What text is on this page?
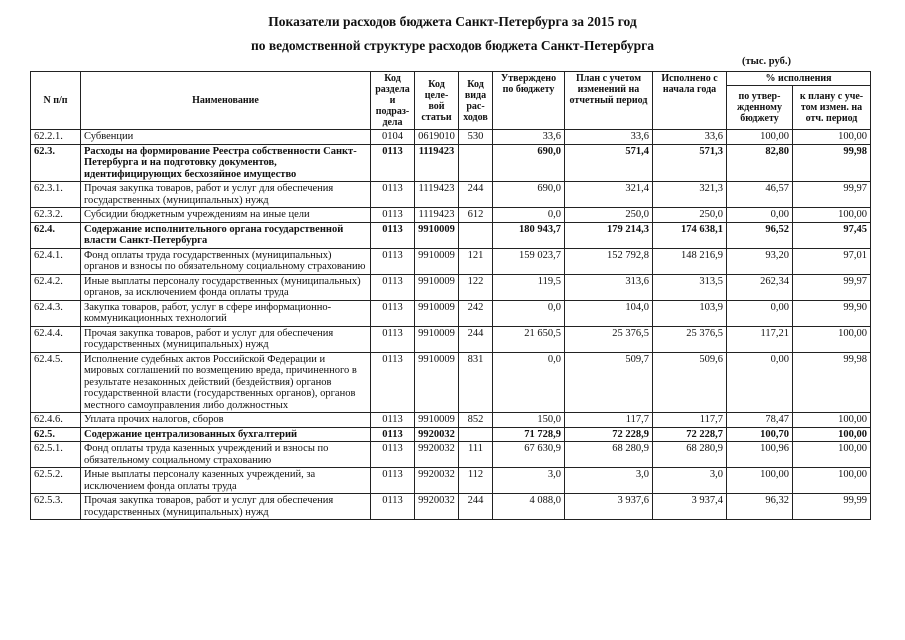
Показатели расходов бюджета Санкт-Петербурга за 2015 год
по ведомственной структуре расходов бюджета Санкт-Петербурга
(тыс. руб.)
N п/п	Наименование	Код раздела и подраз-дела	Код целе-вой статьи	Код вида рас-ходов	Утверждено по бюджету	План с учетом изменений на отчетный период	Исполнено с начала года	% исполнения	
								по утвер-жденному бюджету	к плану с уче-том измен. на отч. период
62.2.1.	Субвенции	0104	0619010	530	33,6	33,6	33,6	100,00	100,00
62.3.	Расходы на формирование Реестра собственности Санкт-Петербурга и на подготовку документов, идентифицирующих бесхозяйное имущество	0113	1119423		690,0	571,4	571,3	82,80	99,98
62.3.1.	Прочая закупка товаров, работ и услуг для обеспечения государственных (муниципальных) нужд	0113	1119423	244	690,0	321,4	321,3	46,57	99,97
62.3.2.	Субсидии бюджетным учреждениям на иные цели	0113	1119423	612	0,0	250,0	250,0	0,00	100,00
62.4.	Содержание исполнительного органа государственной власти Санкт-Петербурга	0113	9910009		180 943,7	179 214,3	174 638,1	96,52	97,45
62.4.1.	Фонд оплаты труда государственных (муниципальных) органов и взносы по обязательному социальному страхованию	0113	9910009	121	159 023,7	152 792,8	148 216,9	93,20	97,01
62.4.2.	Иные выплаты персоналу государственных (муниципальных) органов, за исключением фонда оплаты труда	0113	9910009	122	119,5	313,6	313,5	262,34	99,97
62.4.3.	Закупка товаров, работ, услуг в сфере информационно-коммуникационных технологий	0113	9910009	242	0,0	104,0	103,9	0,00	99,90
62.4.4.	Прочая закупка товаров, работ и услуг для обеспечения государственных (муниципальных) нужд	0113	9910009	244	21 650,5	25 376,5	25 376,5	117,21	100,00
62.4.5.	Исполнение судебных актов Российской Федерации и мировых соглашений по возмещению вреда, причиненного в результате незаконных действий (бездействия) органов государственной власти (государственных органов), органов местного самоуправления либо должностных	0113	9910009	831	0,0	509,7	509,6	0,00	99,98
62.4.6.	Уплата прочих налогов, сборов	0113	9910009	852	150,0	117,7	117,7	78,47	100,00
62.5.	Содержание централизованных бухгалтерий	0113	9920032		71 728,9	72 228,9	72 228,7	100,70	100,00
62.5.1.	Фонд оплаты труда казенных учреждений и взносы по обязательному социальному страхованию	0113	9920032	111	67 630,9	68 280,9	68 280,9	100,96	100,00
62.5.2.	Иные выплаты персоналу казенных учреждений, за исключением фонда оплаты труда	0113	9920032	112	3,0	3,0	3,0	100,00	100,00
62.5.3.	Прочая закупка товаров, работ и услуг для обеспечения государственных (муниципальных) нужд	0113	9920032	244	4 088,0	3 937,6	3 937,4	96,32	99,99
